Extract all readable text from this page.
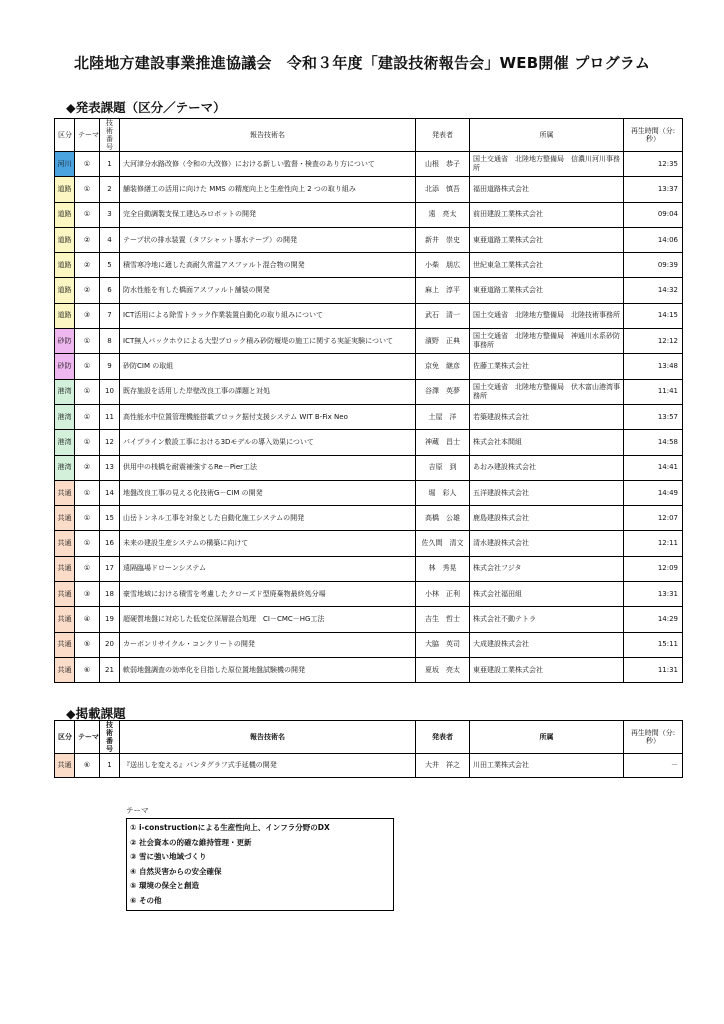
北陸地方建設事業推進協議会　令和３年度「建設技術報告会」WEB開催 プログラム
◆発表課題（区分／テーマ）
区分	テーマ	技術番号	報告技術名	発表者	所属	再生時間（分:秒）
河川	①	1	大河津分水路改修（令和の大改修）における新しい監督・検査のあり方について	山根　恭子	国土交通省　北陸地方整備局　信濃川河川事務所	12:35
道路	①	2	舗装修繕工の活用に向けた MMS の精度向上と生産性向上 2 つの取り組み	北添　慎吾	福田道路株式会社	13:37
道路	①	3	完全自動調製支保工建込みロボットの開発	遠　亮太	前田建設工業株式会社	09:04
道路	②	4	テープ状の排水装置（タフシャット導水テープ）の開発	新井　崇史	東亜道路工業株式会社	14:06
道路	②	5	積雪寒冷地に適した高耐久常温アスファルト混合物の開発	小柴　朋広	世紀東急工業株式会社	09:39
道路	②	6	防水性能を有した橋面アスファルト舗装の開発	麻上　淳平	東亜道路工業株式会社	14:32
道路	③	7	ICT活用による除雪トラック作業装置自動化の取り組みについて	武石　清一	国土交通省　北陸地方整備局　北陸技術事務所	14:15
砂防	①	8	ICT無人バックホウによる大型ブロック積み砂防堰堤の施工に関する実証実験について	濱野　正典	国土交通省　北陸地方整備局　神通川水系砂防事務所	12:12
砂防	①	9	砂防CIM の取組	京免　継彦	佐藤工業株式会社	13:48
港湾	①	10	既存施設を活用した岸壁改良工事の課題と対処	谷澤　英夢	国土交通省　北陸地方整備局　伏木富山港湾事務所	11:41
港湾	①	11	高性能水中位置管理機能搭載ブロック据付支援システム WIT B-Fix Neo	土屋　洋	若築建設株式会社	13:57
港湾	①	12	パイプライン敷設工事における3Dモデルの導入効果について	神蔵　昌士	株式会社本間組	14:58
港湾	②	13	供用中の桟橋を耐震補強するRe－Pier工法	吉原　到	あおみ建設株式会社	14:41
共通	①	14	地盤改良工事の見える化技術G－CIM の開発	堀　彩人	五洋建設株式会社	14:49
共通	①	15	山岳トンネル工事を対象とした自動化施工システムの開発	高橋　公雄	鹿島建設株式会社	12:07
共通	①	16	未来の建設生産システムの構築に向けて	佐久間　清文	清水建設株式会社	12:11
共通	①	17	遠隔臨場ドローンシステム	林　秀晃	株式会社フジタ	12:09
共通	③	18	豪雪地域における積雪を考慮したクローズド型廃棄物最終処分場	小林　正利	株式会社福田組	13:31
共通	④	19	超硬質地盤に対応した低変位深層混合処理　CI－CMC－HG工法	吉生　哲士	株式会社不動テトラ	14:29
共通	⑤	20	カーボンリサイクル・コンクリートの開発	大脇　英司	大成建設株式会社	15:11
共通	⑥	21	軟弱地盤調査の効率化を目指した原位置地盤試験機の開発	夏坂　亮太	東亜建設工業株式会社	11:31
◆掲載課題
区分	テーマ	技術番号	報告技術名	発表者	所属	再生時間（分:秒）
共通	⑥	1	『送出しを変える』パンタグラフ式手延機の開発	大井　祥之	川田工業株式会社	－
テーマ
① i-constructionによる生産性向上、インフラ分野のDX
② 社会資本の的確な維持管理・更新
③ 雪に強い地域づくり
④ 自然災害からの安全確保
⑤ 環境の保全と創造
⑥ その他
